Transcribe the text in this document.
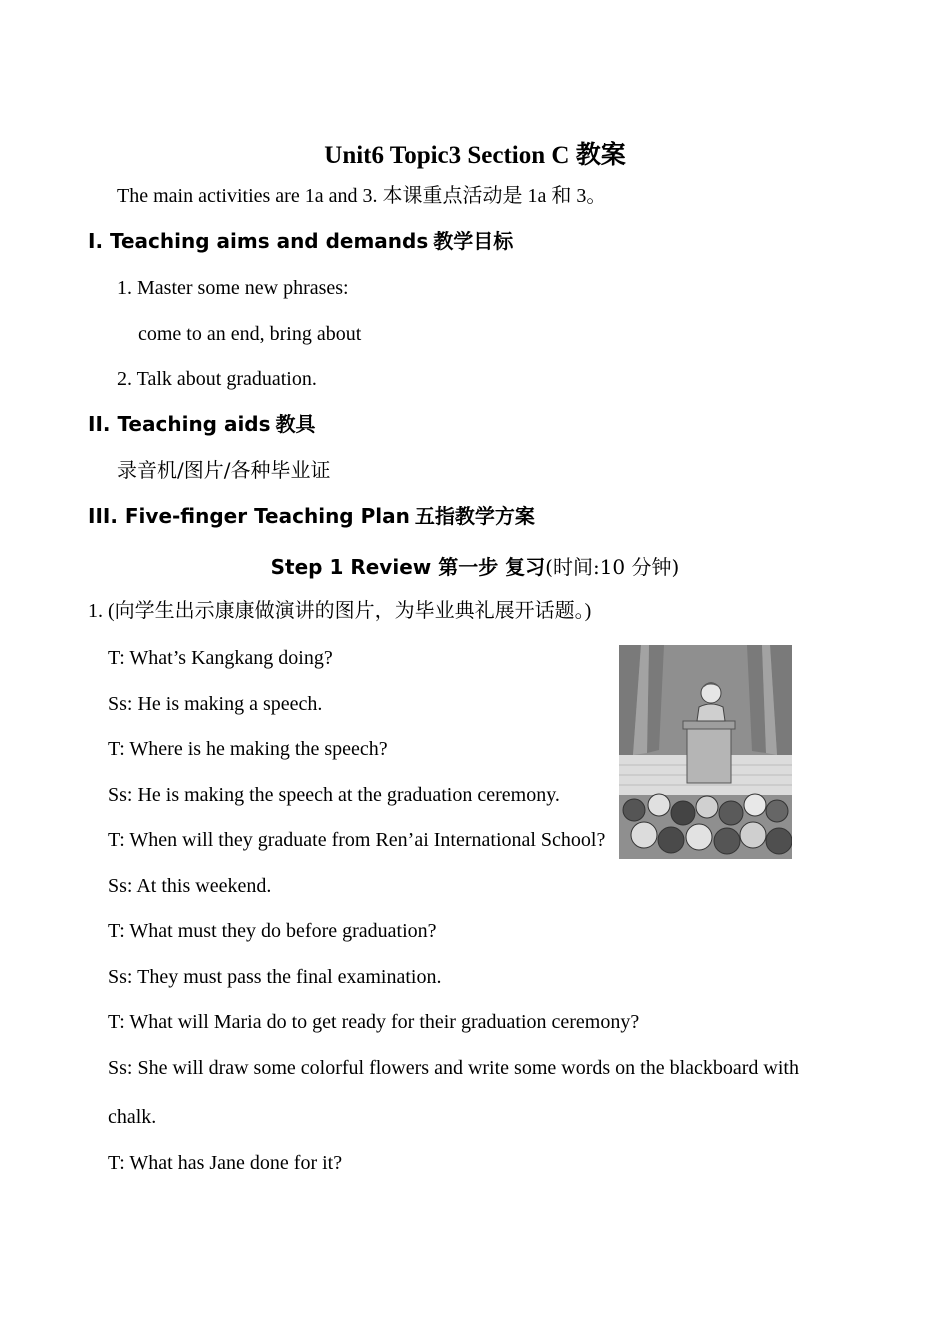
Unit6 Topic3 Section C 教案
The main activities are 1a and 3. 本课重点活动是 1a 和 3。
I. Teaching aims and demands 教学目标
1. Master some new phrases:
come to an end, bring about
2. Talk about graduation.
II. Teaching aids 教具
录音机/图片/各种毕业证
III. Five-finger Teaching Plan 五指教学方案
Step 1 Review 第一步 复习(时间:10 分钟)
1. (向学生出示康康做演讲的图片，为毕业典礼展开话题。)
T: What’s Kangkang doing?
Ss: He is making a speech.
T: Where is he making the speech?
Ss: He is making the speech at the graduation ceremony.
T: When will they graduate from Ren’ai International School?
Ss: At this weekend.
T: What must they do before graduation?
Ss: They must pass the final examination.
T: What will Maria do to get ready for their graduation ceremony?
Ss: She will draw some colorful flowers and write some words on the blackboard with
chalk.
T: What has Jane done for it?
